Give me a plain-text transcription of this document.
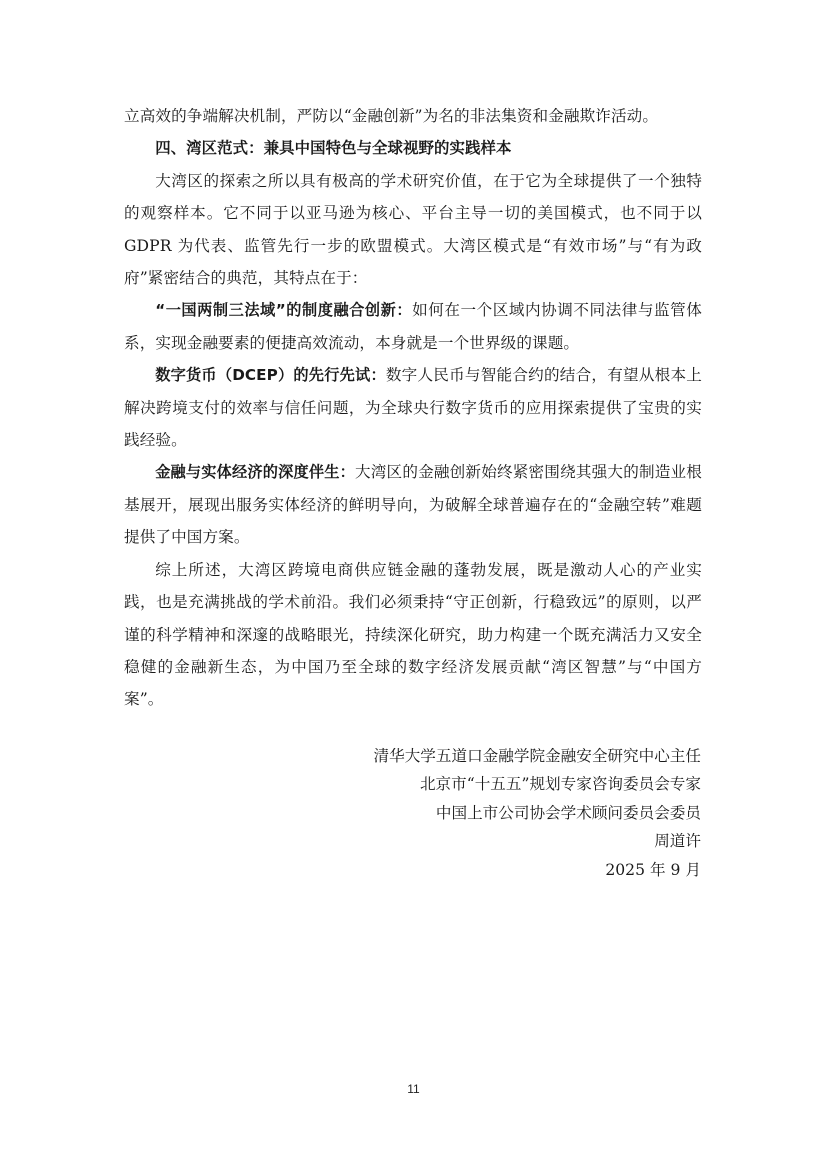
立高效的争端解决机制，严防以“金融创新”为名的非法集资和金融欺诈活动。

四、湾区范式：兼具中国特色与全球视野的实践样本

大湾区的探索之所以具有极高的学术研究价值，在于它为全球提供了一个独特的观察样本。它不同于以亚马逊为核心、平台主导一切的美国模式，也不同于以 GDPR 为代表、监管先行一步的欧盟模式。大湾区模式是“有效市场”与“有为政府”紧密结合的典范，其特点在于：

“一国两制三法域”的制度融合创新：如何在一个区域内协调不同法律与监管体系，实现金融要素的便捷高效流动，本身就是一个世界级的课题。

数字货币（DCEP）的先行先试：数字人民币与智能合约的结合，有望从根本上解决跨境支付的效率与信任问题，为全球央行数字货币的应用探索提供了宝贵的实践经验。

金融与实体经济的深度伴生：大湾区的金融创新始终紧密围绕其强大的制造业根基展开，展现出服务实体经济的鲜明导向，为破解全球普遍存在的“金融空转”难题提供了中国方案。

综上所述，大湾区跨境电商供应链金融的蓬勃发展，既是激动人心的产业实践，也是充满挑战的学术前沿。我们必须秉持“守正创新，行稳致远”的原则，以严谨的科学精神和深邃的战略眼光，持续深化研究，助力构建一个既充满活力又安全稳健的金融新生态，为中国乃至全球的数字经济发展贡献“湾区智慧”与“中国方案”。

清华大学五道口金融学院金融安全研究中心主任
北京市“十五五”规划专家咨询委员会专家
中国上市公司协会学术顾问委员会委员
周道许
2025 年 9 月
11
